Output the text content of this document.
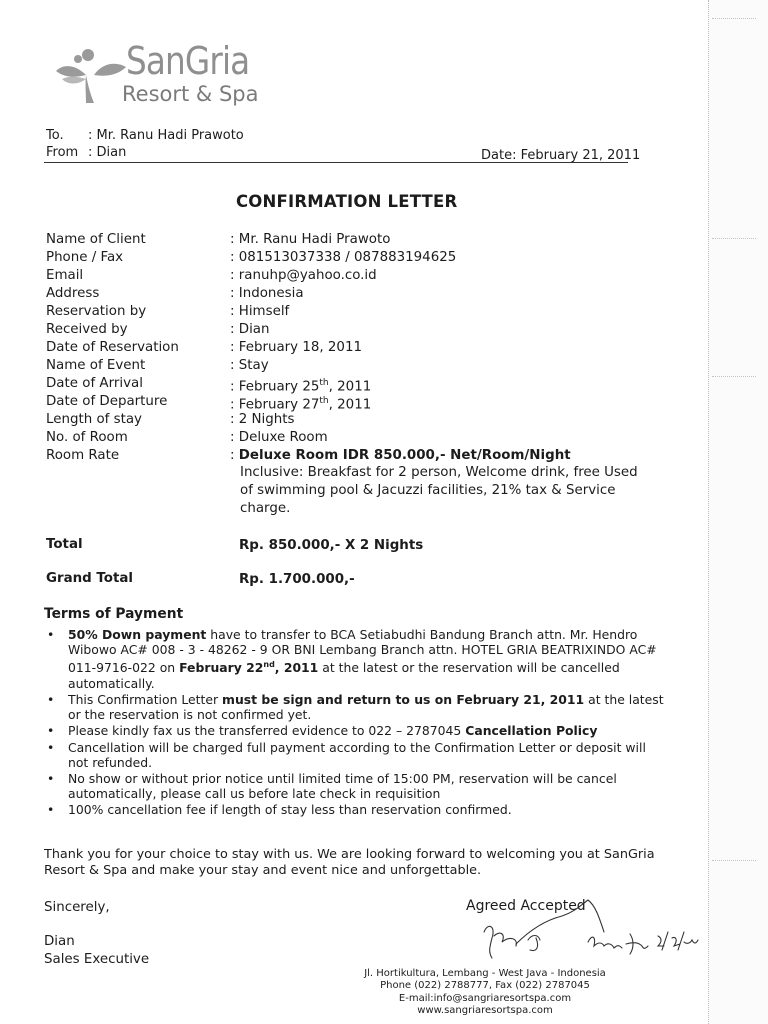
SanGria
Resort & Spa
To. : Mr. Ranu Hadi Prawoto
From : Dian	Date: February 21, 2011
CONFIRMATION LETTER
Name of Client	: Mr. Ranu Hadi Prawoto
Phone / Fax	: 081513037338 / 087883194625
Email	: ranuhp@yahoo.co.id
Address	: Indonesia
Reservation by	: Himself
Received by	: Dian
Date of Reservation	: February 18, 2011
Name of Event	: Stay
Date of Arrival	: February 25th, 2011
Date of Departure	: February 27th, 2011
Length of stay	: 2 Nights
No. of Room	: Deluxe Room
Room Rate	: Deluxe Room IDR 850.000,- Net/Room/Night
Inclusive: Breakfast for 2 person, Welcome drink, free Used of swimming pool & Jacuzzi facilities, 21% tax & Service charge.
Total	Rp. 850.000,- X 2 Nights
Grand Total	Rp. 1.700.000,-
Terms of Payment
• 50% Down payment have to transfer to BCA Setiabudhi Bandung Branch attn. Mr. Hendro Wibowo AC# 008 - 3 - 48262 - 9 OR BNI Lembang Branch attn. HOTEL GRIA BEATRIXINDO AC# 011-9716-022 on February 22nd, 2011 at the latest or the reservation will be cancelled automatically.
• This Confirmation Letter must be sign and return to us on February 21, 2011 at the latest or the reservation is not confirmed yet.
• Please kindly fax us the transferred evidence to 022 – 2787045 Cancellation Policy
• Cancellation will be charged full payment according to the Confirmation Letter or deposit will not refunded.
• No show or without prior notice until limited time of 15:00 PM, reservation will be cancel automatically, please call us before late check in requisition
• 100% cancellation fee if length of stay less than reservation confirmed.
Thank you for your choice to stay with us. We are looking forward to welcoming you at SanGria Resort & Spa and make your stay and event nice and unforgettable.
Sincerely,
Dian
Sales Executive
Agreed Accepted
Jl. Hortikultura, Lembang - West Java - Indonesia
Phone (022) 2788777, Fax (022) 2787045
E-mail:info@sangriaresortspa.com
www.sangriaresortspa.com
